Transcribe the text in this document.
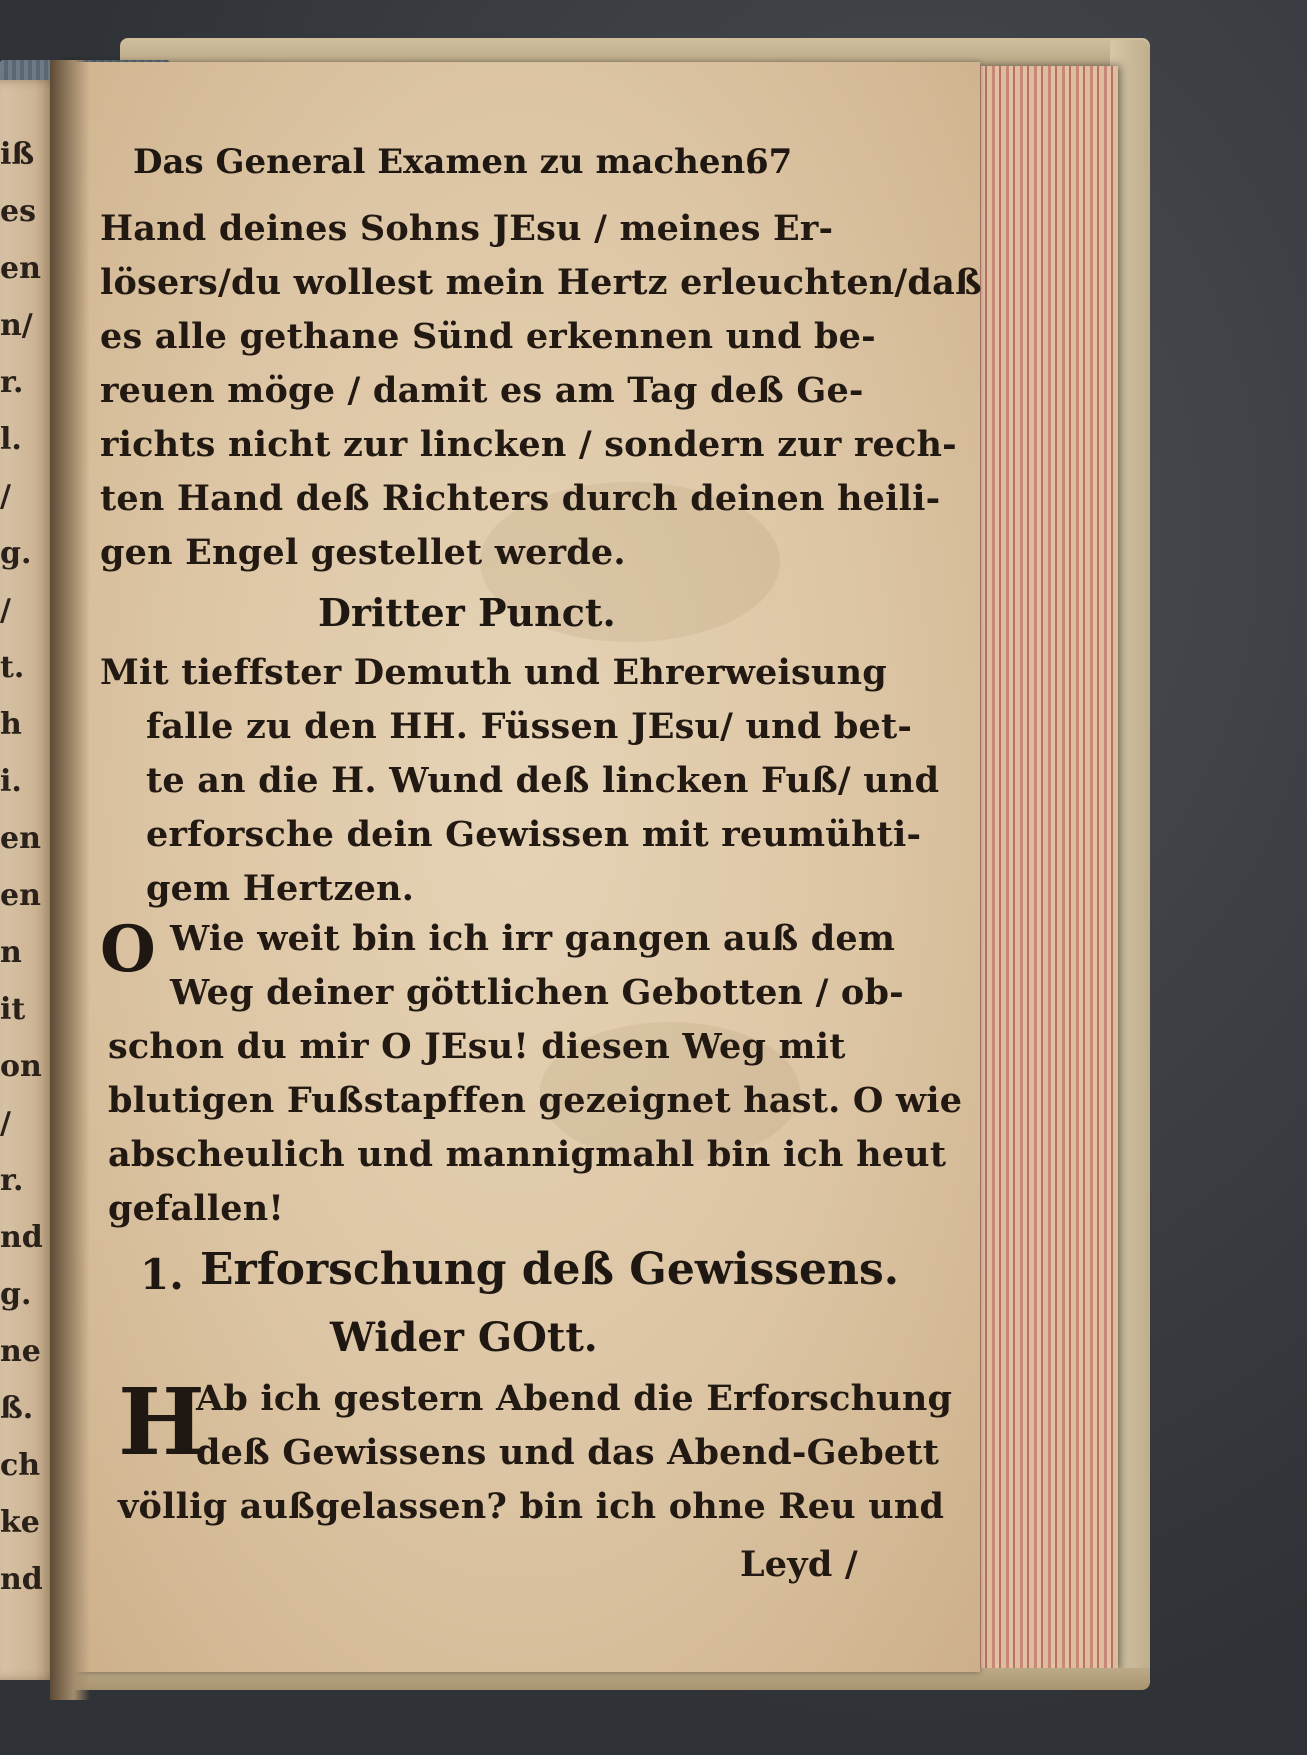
iß
es
en
n/
r.
l.
/
g.
/
t.
h
i.
en
en
n
it
on
/
r.
nd
g.
ne
ß.
ch
ke
nd
Das General Examen zu machen.
67
Hand deines Sohns JEsu / meines Er-
lösers/du wollest mein Hertz erleuchten/daß
es alle gethane Sünd erkennen und be-
reuen möge / damit es am Tag deß Ge-
richts nicht zur lincken / sondern zur rech-
ten Hand deß Richters durch deinen heili-
gen Engel gestellet werde.
Dritter Punct.
Mit tieffster Demuth und Ehrerweisung
falle zu den HH. Füssen JEsu/ und bet-
te an die H. Wund deß lincken Fuß/ und
erforsche dein Gewissen mit reumühti-
gem Hertzen.
O Wie weit bin ich irr gangen auß dem
Weg deiner göttlichen Gebotten / ob-
schon du mir O JEsu! diesen Weg mit
blutigen Fußstapffen gezeignet hast. O wie
abscheulich und mannigmahl bin ich heut
gefallen!
1. Erforschung deß Gewissens.
Wider GOtt.
H
Ab ich gestern Abend die Erforschung
deß Gewissens und das Abend-Gebett
völlig außgelassen? bin ich ohne Reu und
Leyd /
